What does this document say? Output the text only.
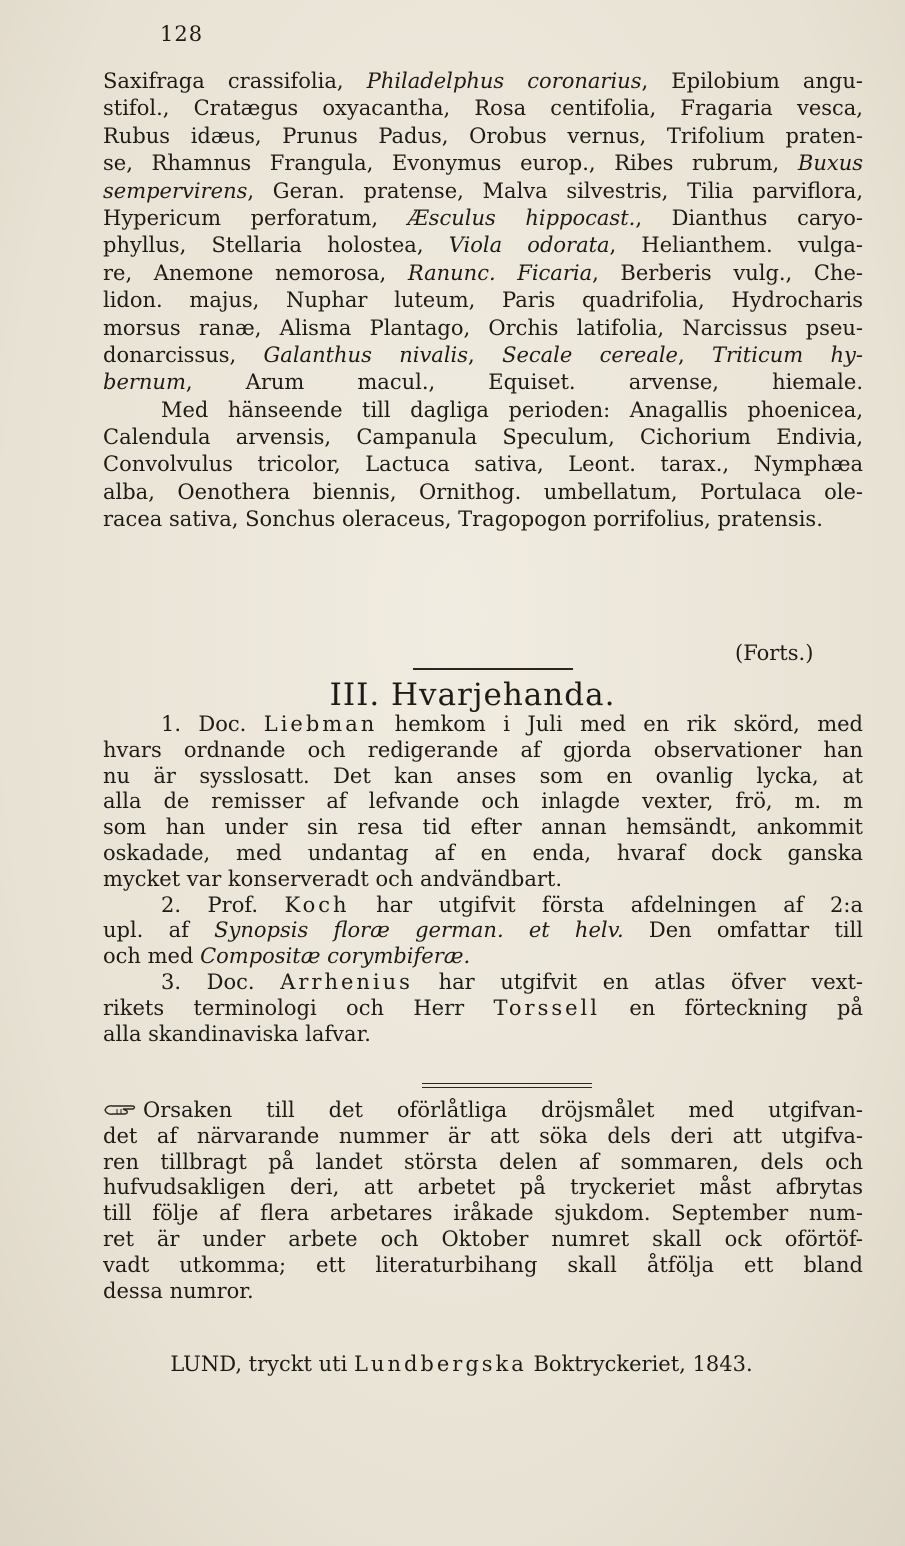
128
Saxifraga crassifolia, Philadelphus coronarius, Epilobium angu-
stifol., Cratægus oxyacantha, Rosa centifolia, Fragaria vesca,
Rubus idæus, Prunus Padus, Orobus vernus, Trifolium praten-
se, Rhamnus Frangula, Evonymus europ., Ribes rubrum, Buxus
sempervirens, Geran. pratense, Malva silvestris, Tilia parviflora,
Hypericum perforatum, Æsculus hippocast., Dianthus caryo-
phyllus, Stellaria holostea, Viola odorata, Helianthem. vulga-
re, Anemone nemorosa, Ranunc. Ficaria, Berberis vulg., Che-
lidon. majus, Nuphar luteum, Paris quadrifolia, Hydrocharis
morsus ranæ, Alisma Plantago, Orchis latifolia, Narcissus pseu-
donarcissus, Galanthus nivalis, Secale cereale, Triticum hy-
bernum, Arum macul., Equiset. arvense, hiemale.
Med hänseende till dagliga perioden: Anagallis phoenicea,
Calendula arvensis, Campanula Speculum, Cichorium Endivia,
Convolvulus tricolor, Lactuca sativa, Leont. tarax., Nymphæa
alba, Oenothera biennis, Ornithog. umbellatum, Portulaca ole-
racea sativa, Sonchus oleraceus, Tragopogon porrifolius, pratensis.
(Forts.)
III. Hvarjehanda.
1. Doc. Liebman hemkom i Juli med en rik skörd, med
hvars ordnande och redigerande af gjorda observationer han
nu är sysslosatt. Det kan anses som en ovanlig lycka, at
alla de remisser af lefvande och inlagde vexter, frö, m. m
som han under sin resa tid efter annan hemsändt, ankommit
oskadade, med undantag af en enda, hvaraf dock ganska
mycket var konserveradt och andvändbart.
2. Prof. Koch har utgifvit första afdelningen af 2:a
upl. af Synopsis floræ german. et helv. Den omfattar till
och med Compositæ corymbiferæ.
3. Doc. Arrhenius har utgifvit en atlas öfver vext-
rikets terminologi och Herr Torssell en förteckning på
alla skandinaviska lafvar.
Orsaken till det oförlåtliga dröjsmålet med utgifvan-
det af närvarande nummer är att söka dels deri att utgifva-
ren tillbragt på landet största delen af sommaren, dels och
hufvudsakligen deri, att arbetet på tryckeriet måst afbrytas
till följe af flera arbetares iråkade sjukdom. September num-
ret är under arbete och Oktober numret skall ock oförtöf-
vadt utkomma; ett literaturbihang skall åtfölja ett bland
dessa numror.
LUND, tryckt uti Lundbergska Boktryckeriet, 1843.
